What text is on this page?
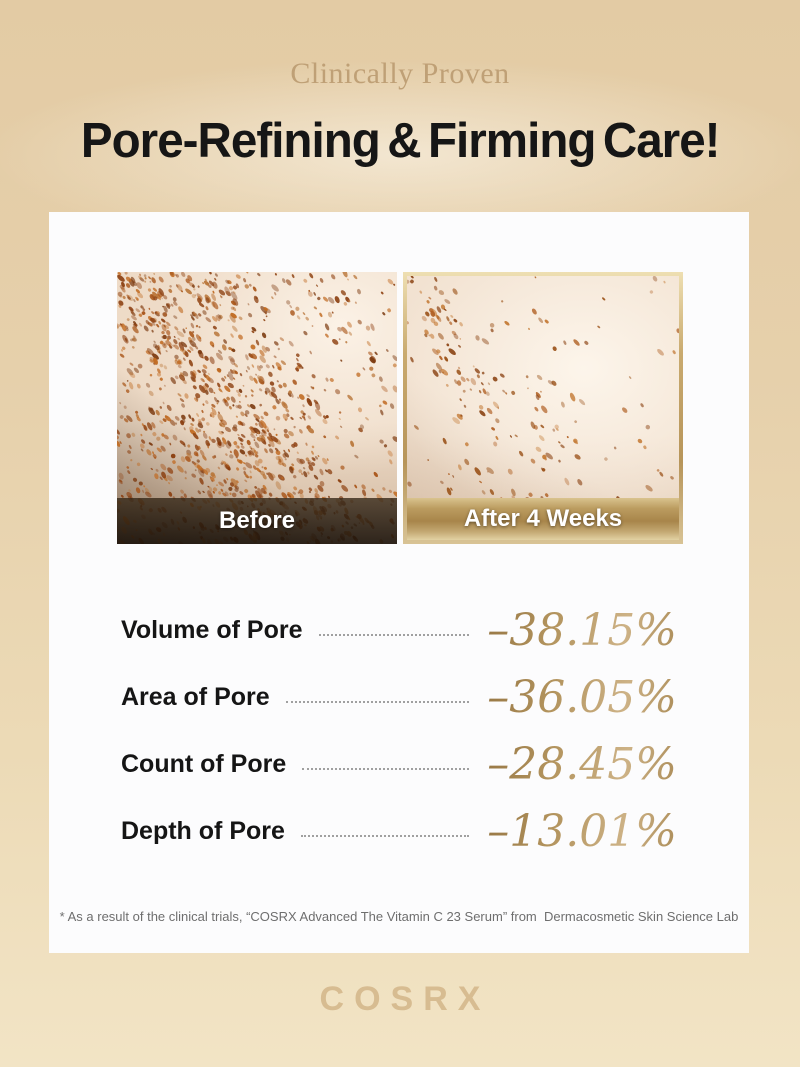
Clinically Proven
Pore-Refining & Firming Care!
Before	After 4 Weeks
Volume of Pore	–38.15%
Area of Pore	–36.05%
Count of Pore	–28.45%
Depth of Pore	–13.01%
* As a result of the clinical trials, “COSRX Advanced The Vitamin C 23 Serum” from  Dermacosmetic Skin Science Lab
COSRX
